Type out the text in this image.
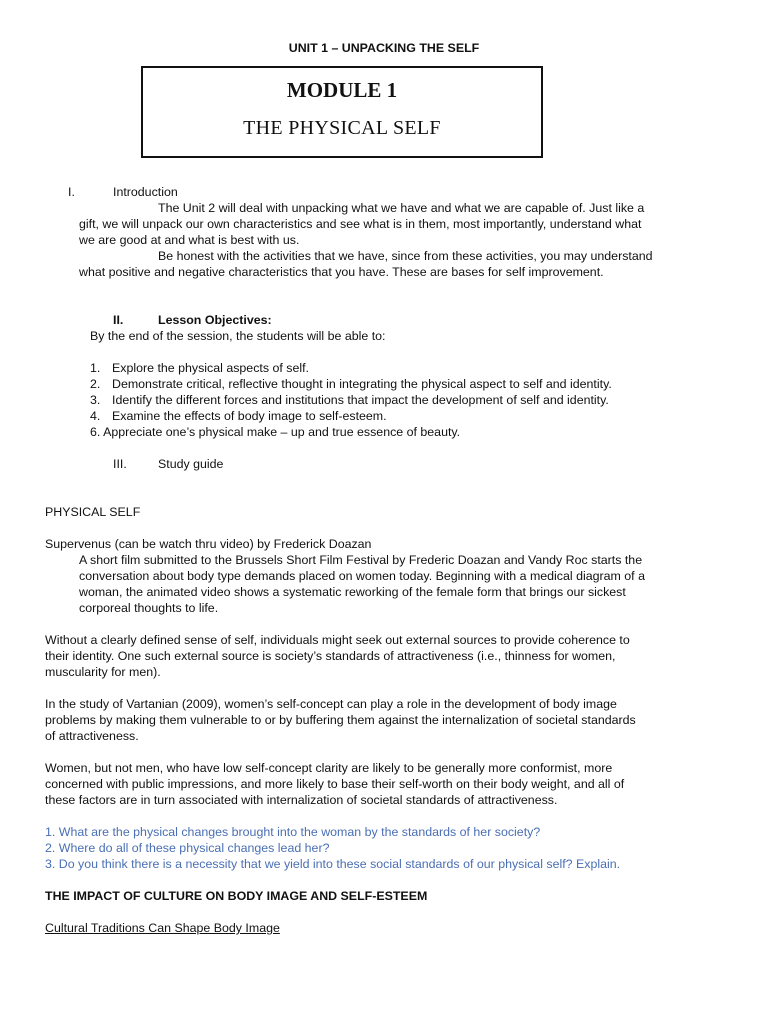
UNIT 1 – UNPACKING THE SELF
MODULE 1
THE PHYSICAL SELF
I.	Introduction
The Unit 2 will deal with unpacking what we have and what we are capable of. Just like a
gift, we will unpack our own characteristics and see what is in them, most importantly, understand what
we are good at and what is best with us.
Be honest with the activities that we have, since from these activities, you may understand
what positive and negative characteristics that you have. These are bases for self improvement.
II.	Lesson Objectives:
By the end of the session, the students will be able to:
1. Explore the physical aspects of self.
2. Demonstrate critical, reflective thought in integrating the physical aspect to self and identity.
3. Identify the different forces and institutions that impact the development of self and identity.
4. Examine the effects of body image to self-esteem.
6. Appreciate one’s physical make – up and true essence of beauty.
III.	Study guide
PHYSICAL SELF
Supervenus (can be watch thru video) by Frederick Doazan
A short film submitted to the Brussels Short Film Festival by Frederic Doazan and Vandy Roc starts the
conversation about body type demands placed on women today. Beginning with a medical diagram of a
woman, the animated video shows a systematic reworking of the female form that brings our sickest
corporeal thoughts to life.
Without a clearly defined sense of self, individuals might seek out external sources to provide coherence to
their identity. One such external source is society’s standards of attractiveness (i.e., thinness for women,
muscularity for men).
In the study of Vartanian (2009), women’s self-concept can play a role in the development of body image
problems by making them vulnerable to or by buffering them against the internalization of societal standards
of attractiveness.
Women, but not men, who have low self-concept clarity are likely to be generally more conformist, more
concerned with public impressions, and more likely to base their self-worth on their body weight, and all of
these factors are in turn associated with internalization of societal standards of attractiveness.
1. What are the physical changes brought into the woman by the standards of her society?
2. Where do all of these physical changes lead her?
3. Do you think there is a necessity that we yield into these social standards of our physical self? Explain.
THE IMPACT OF CULTURE ON BODY IMAGE AND SELF-ESTEEM
Cultural Traditions Can Shape Body Image
